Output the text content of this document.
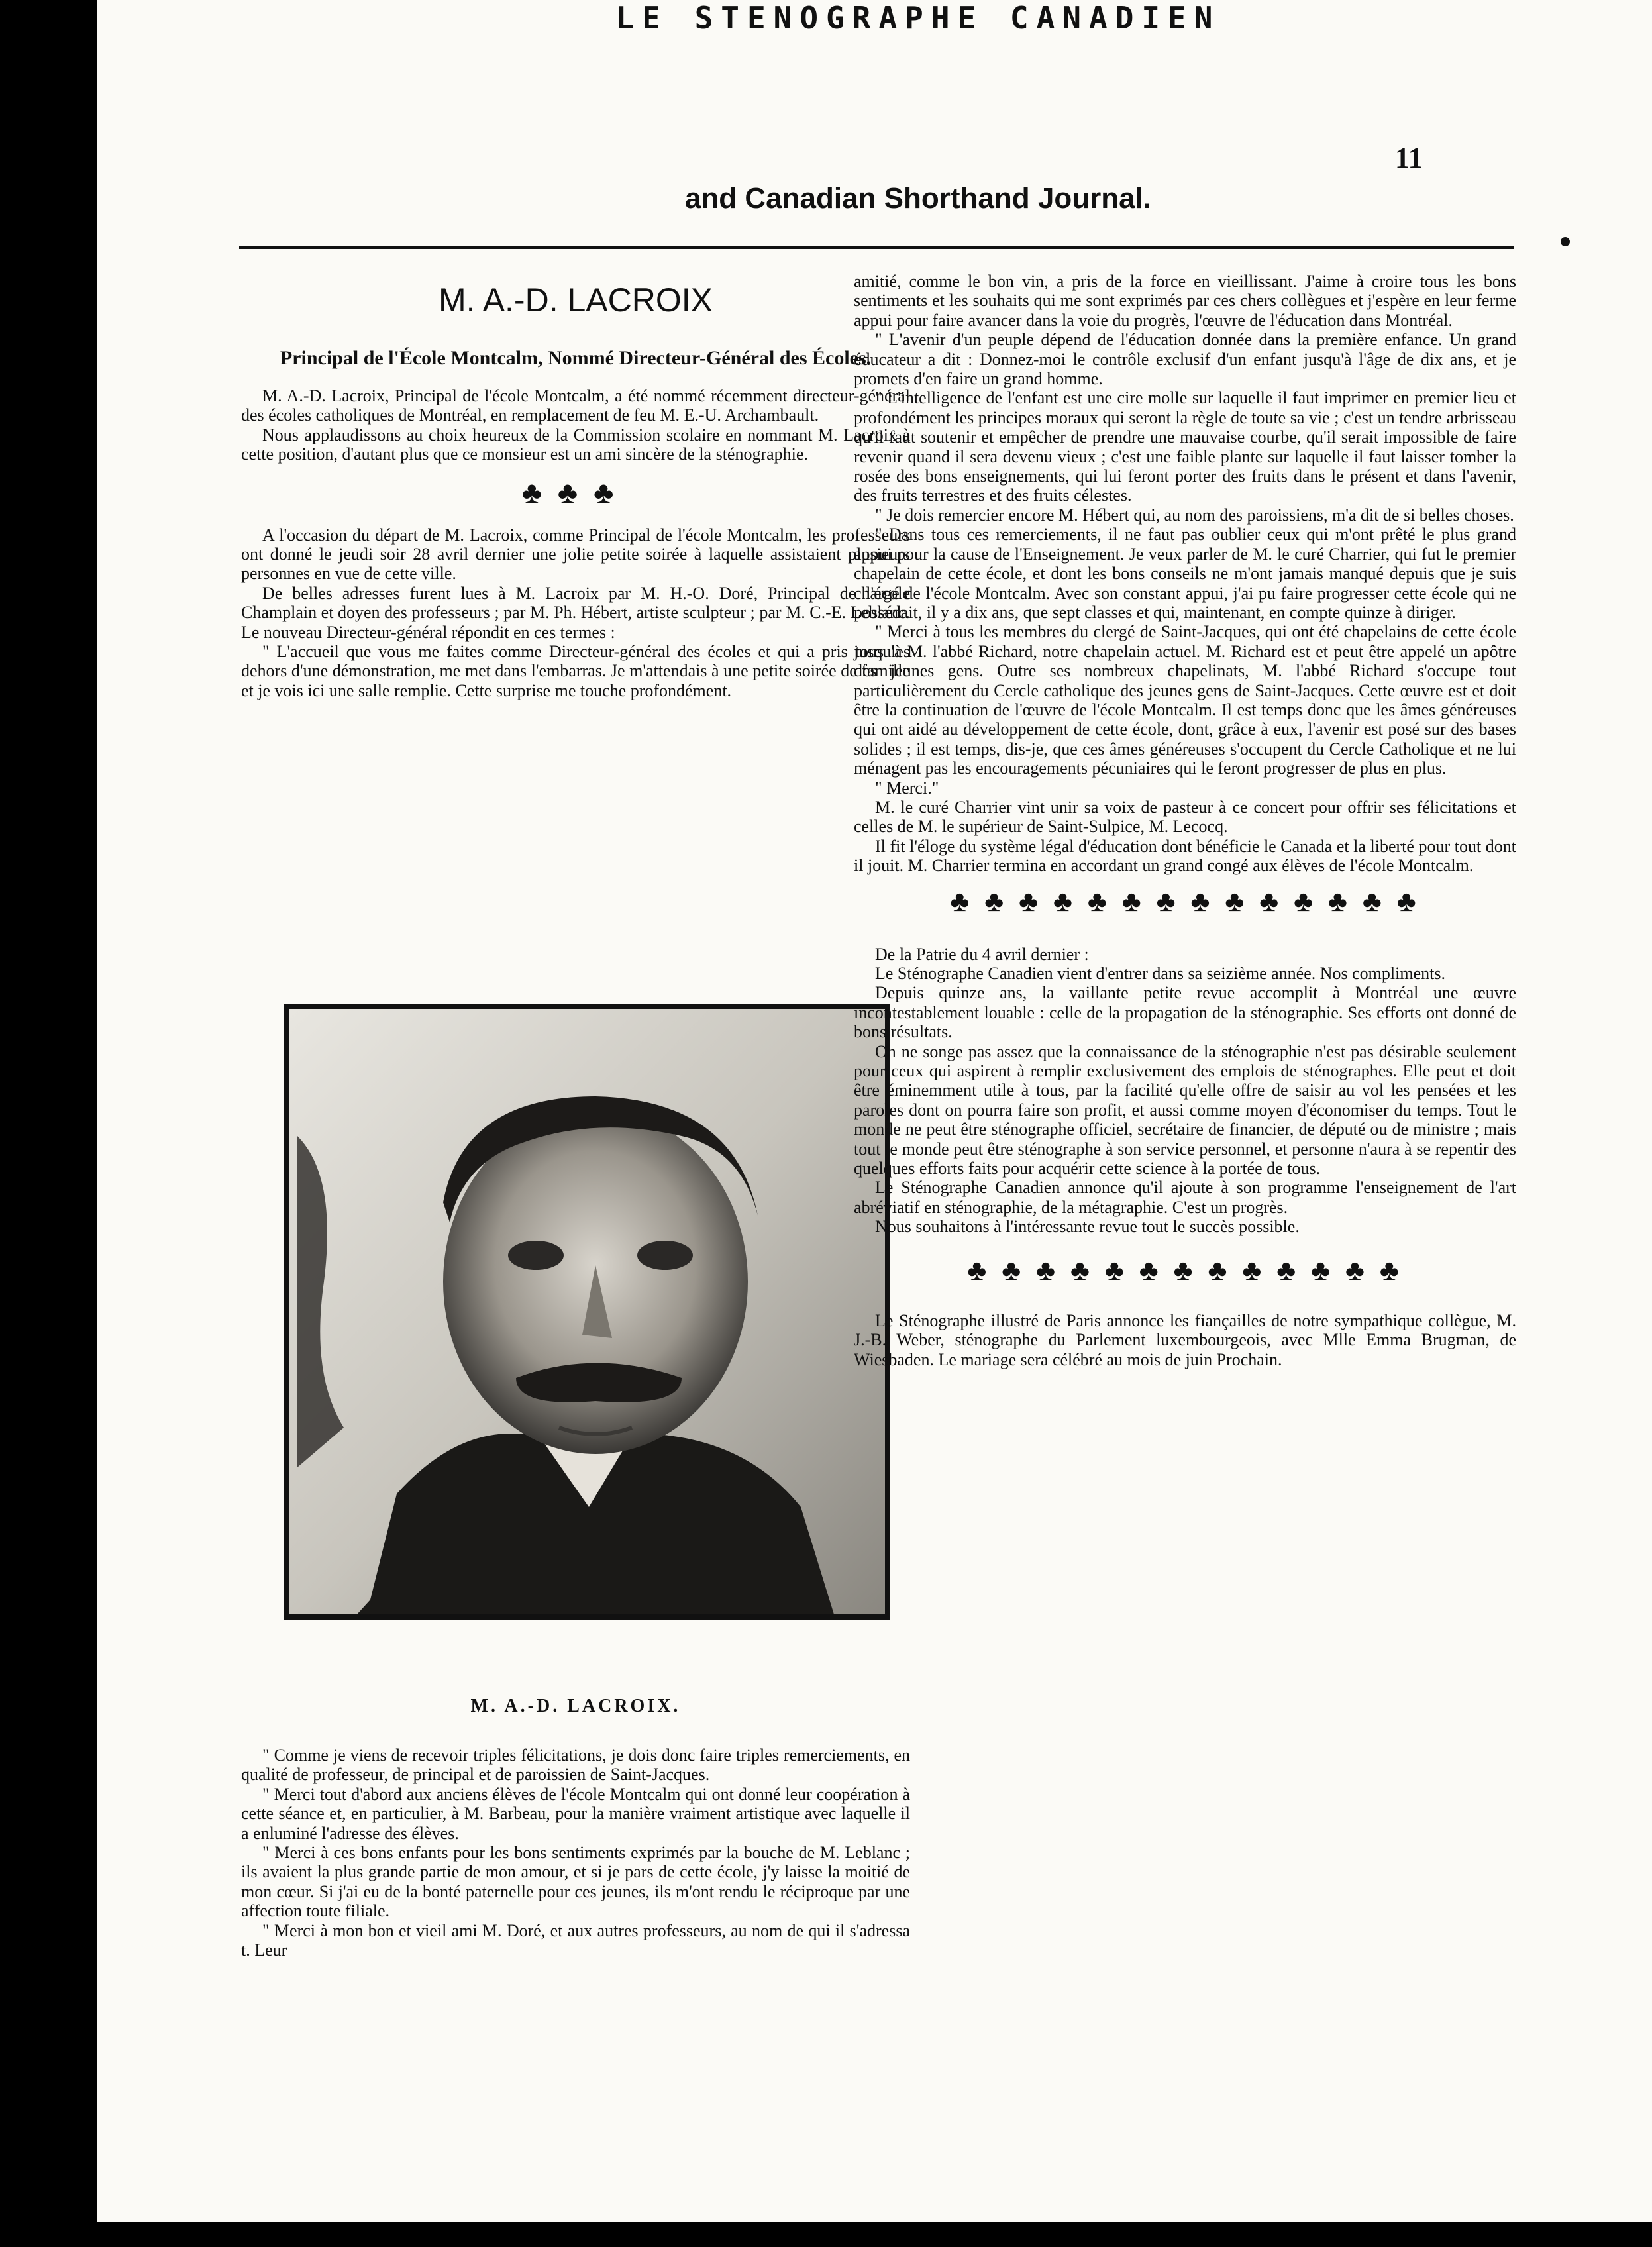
LE STENOGRAPHE CANADIEN
and Canadian Shorthand Journal.
11
M. A.-D. LACROIX
Principal de l'École Montcalm, Nommé Directeur-Général des Écoles.

M. A.-D. Lacroix, Principal de l'école Montcalm, a été nommé récemment directeur-général des écoles catholiques de Montréal, en remplacement de feu M. E.-U. Archambault.

Nous applaudissons au choix heureux de la Commission scolaire en nommant M. Lacroix à cette position, d'autant plus que ce monsieur est un ami sincère de la sténographie.

♣♣♣

A l'occasion du départ de M. Lacroix, comme Principal de l'école Montcalm, les professeurs ont donné le jeudi soir 28 avril dernier une jolie petite soirée à laquelle assistaient plusieurs personnes en vue de cette ville.

De belles adresses furent lues à M. Lacroix par M. H.-O. Doré, Principal de l'école Champlain et doyen des professeurs ; par M. Ph. Hébert, artiste sculpteur ; par M. C.-E. Leblanc. Le nouveau Directeur-général répondit en ces termes :

" L'accueil que vous me faites comme Directeur-général des écoles et qui a pris tous les dehors d'une démonstration, me met dans l'embarras. Je m'attendais à une petite soirée de famille et je vois ici une salle remplie. Cette surprise me touche profondément.

M. A.-D. LACROIX.

" Comme je viens de recevoir triples félicitations, je dois donc faire triples remerciements, en qualité de professeur, de principal et de paroissien de Saint-Jacques.

" Merci tout d'abord aux anciens élèves de l'école Montcalm qui ont donné leur coopération à cette séance et, en particulier, à M. Barbeau, pour la manière vraiment artistique avec laquelle il a enluminé l'adresse des élèves.

" Merci à ces bons enfants pour les bons sentiments exprimés par la bouche de M. Leblanc ; ils avaient la plus grande partie de mon amour, et si je pars de cette école, j'y laisse la moitié de mon cœur. Si j'ai eu de la bonté paternelle pour ces jeunes, ils m'ont rendu le réciproque par une affection toute filiale.

" Merci à mon bon et vieil ami M. Doré, et aux autres professeurs, au nom de qui il s'adressa t. Leur

amitié, comme le bon vin, a pris de la force en vieillissant. J'aime à croire tous les bons sentiments et les souhaits qui me sont exprimés par ces chers collègues et j'espère en leur ferme appui pour faire avancer dans la voie du progrès, l'œuvre de l'éducation dans Montréal.

" L'avenir d'un peuple dépend de l'éducation donnée dans la première enfance. Un grand éducateur a dit : Donnez-moi le contrôle exclusif d'un enfant jusqu'à l'âge de dix ans, et je promets d'en faire un grand homme.

" L'intelligence de l'enfant est une cire molle sur laquelle il faut imprimer en premier lieu et profondément les principes moraux qui seront la règle de toute sa vie ; c'est un tendre arbrisseau qu'il faut soutenir et empêcher de prendre une mauvaise courbe, qu'il serait impossible de faire revenir quand il sera devenu vieux ; c'est une faible plante sur laquelle il faut laisser tomber la rosée des bons enseignements, qui lui feront porter des fruits dans le présent et dans l'avenir, des fruits terrestres et des fruits célestes.

" Je dois remercier encore M. Hébert qui, au nom des paroissiens, m'a dit de si belles choses.

" Dans tous ces remerciements, il ne faut pas oublier ceux qui m'ont prêté le plus grand appui pour la cause de l'Enseignement. Je veux parler de M. le curé Charrier, qui fut le premier chapelain de cette école, et dont les bons conseils ne m'ont jamais manqué depuis que je suis chargé de l'école Montcalm. Avec son constant appui, j'ai pu faire progresser cette école qui ne possédait, il y a dix ans, que sept classes et qui, maintenant, en compte quinze à diriger.

" Merci à tous les membres du clergé de Saint-Jacques, qui ont été chapelains de cette école jusqu'à M. l'abbé Richard, notre chapelain actuel. M. Richard est et peut être appelé un apôtre des jeunes gens. Outre ses nombreux chapelinats, M. l'abbé Richard s'occupe tout particulièrement du Cercle catholique des jeunes gens de Saint-Jacques. Cette œuvre est et doit être la continuation de l'œuvre de l'école Montcalm. Il est temps donc que les âmes généreuses qui ont aidé au développement de cette école, dont, grâce à eux, l'avenir est posé sur des bases solides ; il est temps, dis-je, que ces âmes généreuses s'occupent du Cercle Catholique et ne lui ménagent pas les encouragements pécuniaires qui le feront progresser de plus en plus.

" Merci."

M. le curé Charrier vint unir sa voix de pasteur à ce concert pour offrir ses félicitations et celles de M. le supérieur de Saint-Sulpice, M. Lecocq.

Il fit l'éloge du système légal d'éducation dont bénéficie le Canada et la liberté pour tout dont il jouit. M. Charrier termina en accordant un grand congé aux élèves de l'école Montcalm.

♣ ♣ ♣ ♣ ♣ ♣ ♣ ♣ ♣ ♣ ♣ ♣ ♣ ♣

De la Patrie du 4 avril dernier :

Le Sténographe Canadien vient d'entrer dans sa seizième année. Nos compliments.

Depuis quinze ans, la vaillante petite revue accomplit à Montréal une œuvre incontestablement louable : celle de la propagation de la sténographie. Ses efforts ont donné de bons résultats.

On ne songe pas assez que la connaissance de la sténographie n'est pas désirable seulement pour ceux qui aspirent à remplir exclusivement des emplois de sténographes. Elle peut et doit être éminemment utile à tous, par la facilité qu'elle offre de saisir au vol les pensées et les paroles dont on pourra faire son profit, et aussi comme moyen d'économiser du temps. Tout le monde ne peut être sténographe officiel, secrétaire de financier, de député ou de ministre ; mais tout le monde peut être sténographe à son service personnel, et personne n'aura à se repentir des quelques efforts faits pour acquérir cette science à la portée de tous.

Le Sténographe Canadien annonce qu'il ajoute à son programme l'enseignement de l'art abréviatif en sténographie, de la métagraphie. C'est un progrès.

Nous souhaitons à l'intéressante revue tout le succès possible.

♣ ♣ ♣ ♣ ♣ ♣ ♣ ♣ ♣ ♣ ♣ ♣ ♣

Le Sténographe illustré de Paris annonce les fiançailles de notre sympathique collègue, M. J.-B. Weber, sténographe du Parlement luxembourgeois, avec Mlle Emma Brugman, de Wiesbaden. Le mariage sera célébré au mois de juin Prochain.
